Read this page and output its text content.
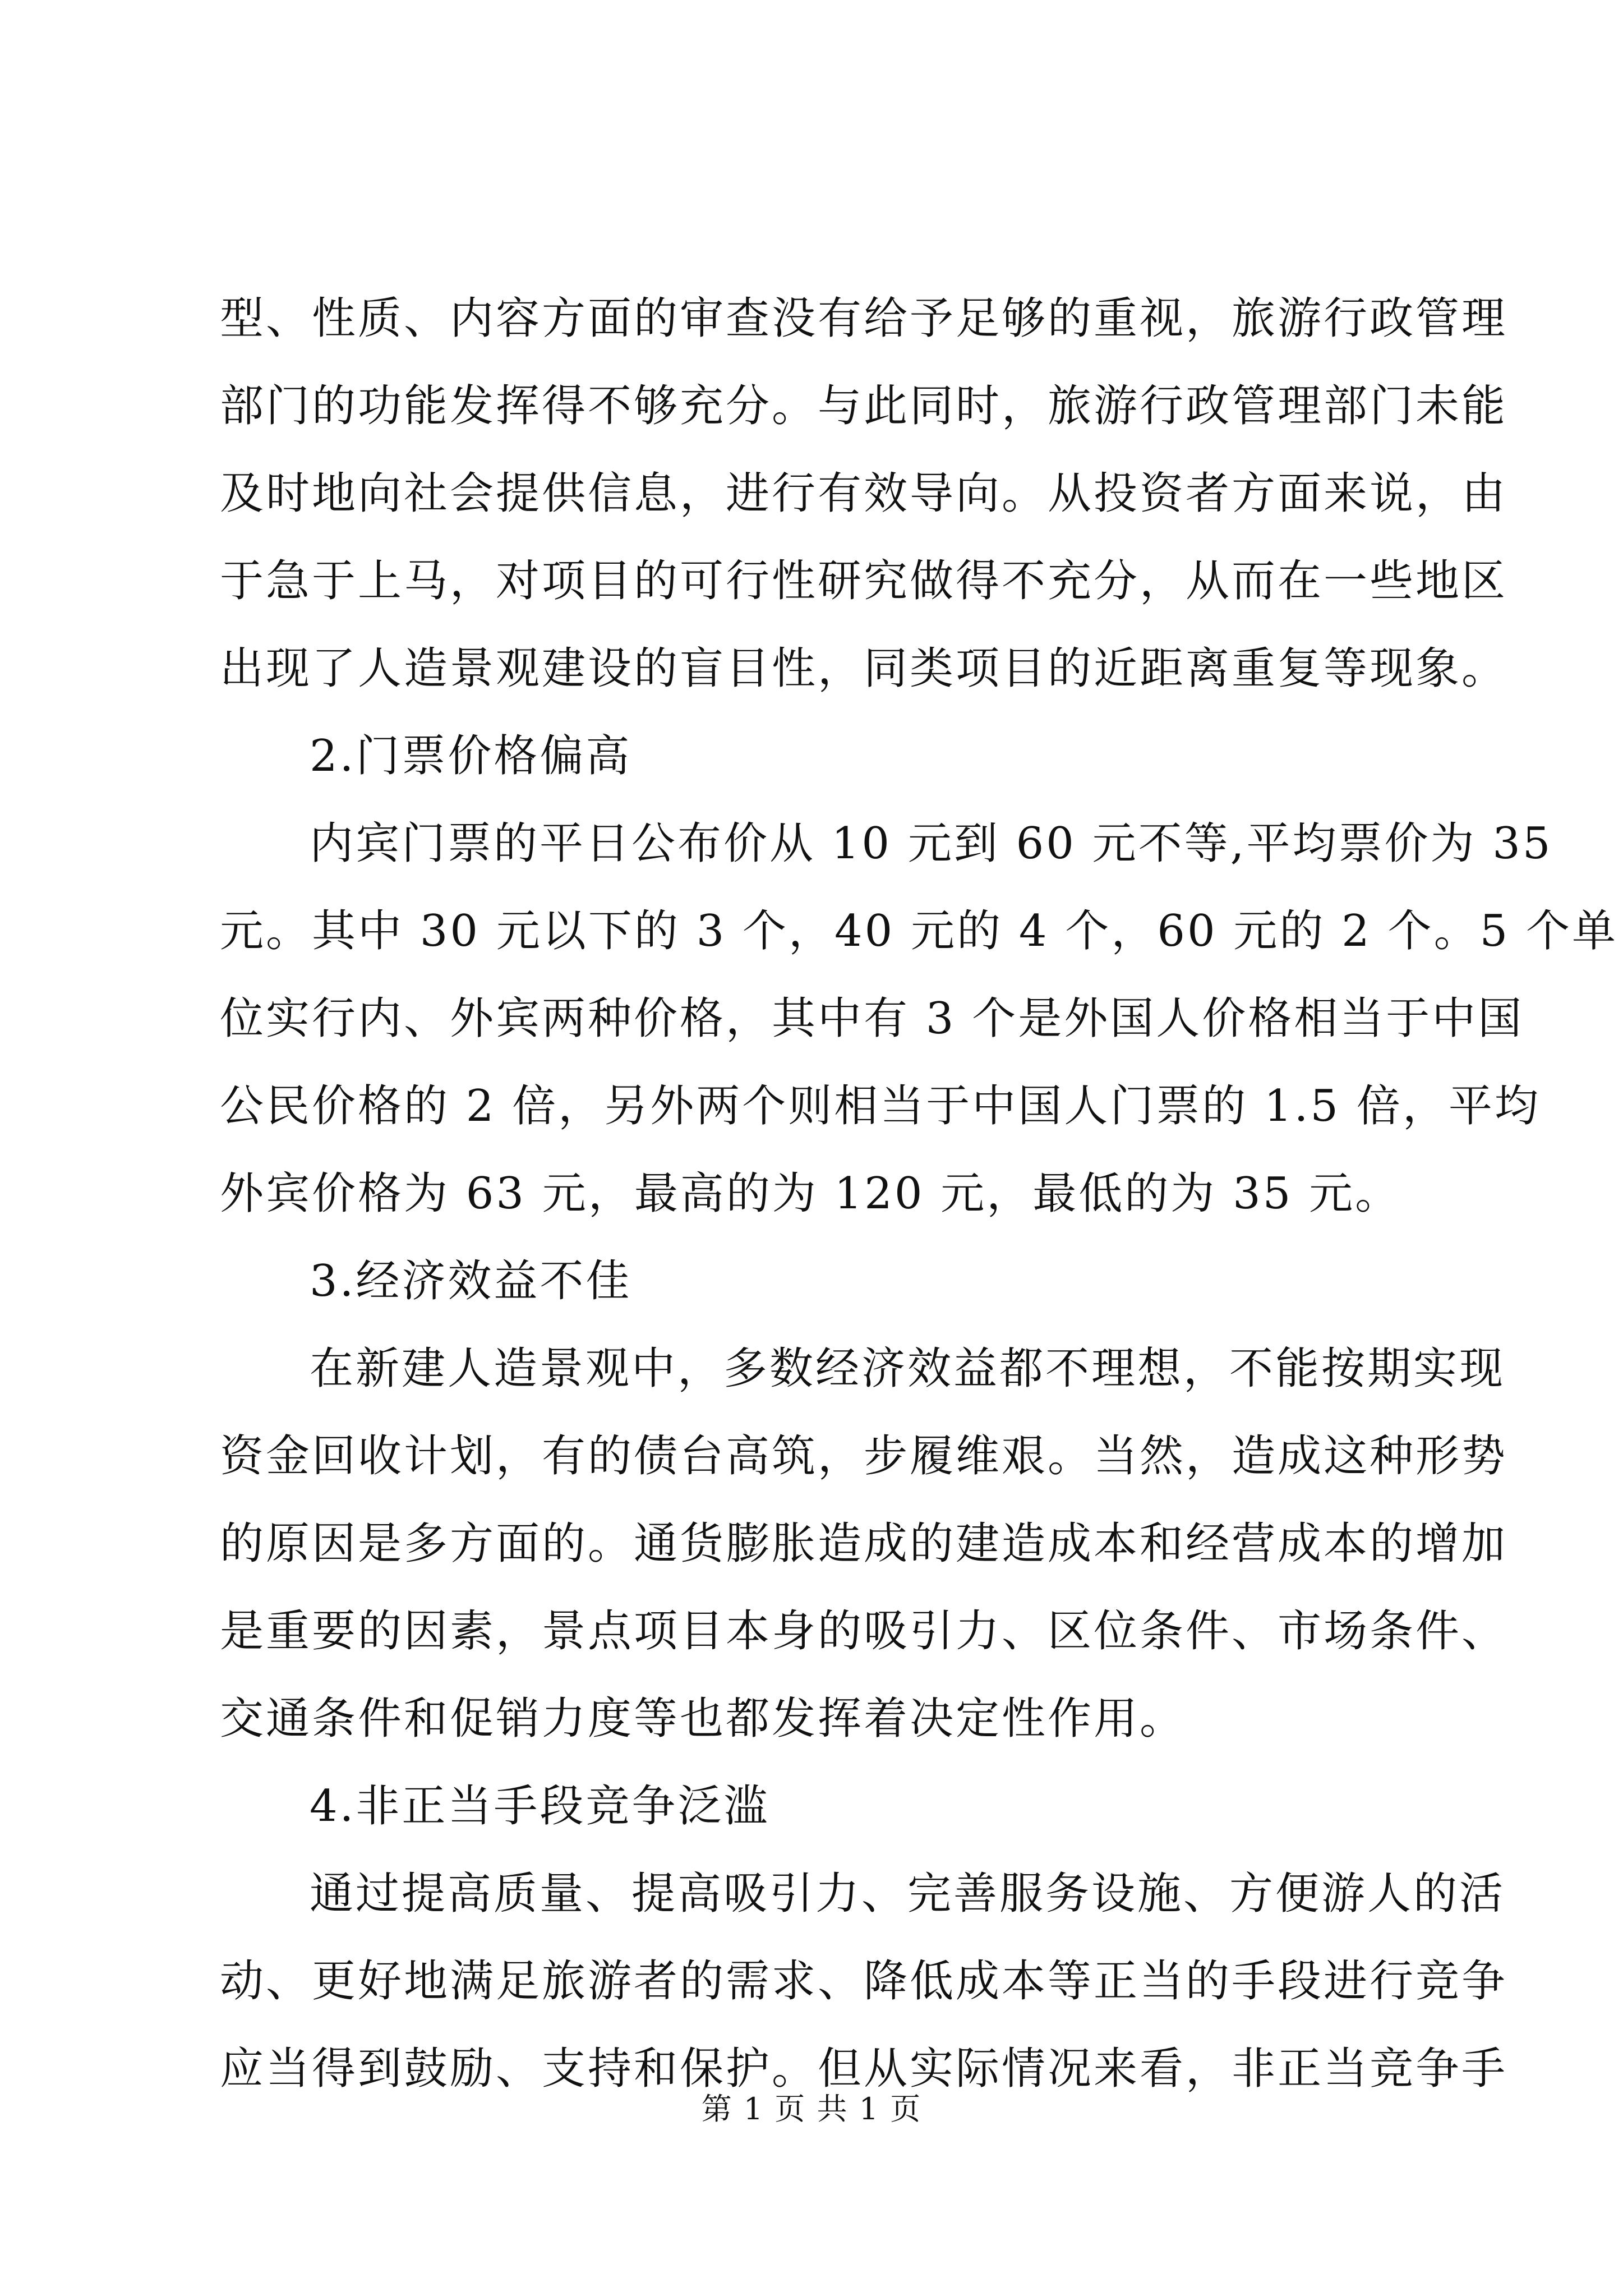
型、性质、内容方面的审查没有给予足够的重视，旅游行政管理
部门的功能发挥得不够充分。与此同时，旅游行政管理部门未能
及时地向社会提供信息，进行有效导向。从投资者方面来说，由
于急于上马，对项目的可行性研究做得不充分，从而在一些地区
出现了人造景观建设的盲目性，同类项目的近距离重复等现象。
2.门票价格偏高
内宾门票的平日公布价从 10 元到 60 元不等,平均票价为 35
元。其中 30 元以下的 3 个，40 元的 4 个，60 元的 2 个。5 个单
位实行内、外宾两种价格，其中有 3 个是外国人价格相当于中国
公民价格的 2 倍，另外两个则相当于中国人门票的 1.5 倍，平均
外宾价格为 63 元，最高的为 120 元，最低的为 35 元。
3.经济效益不佳
在新建人造景观中，多数经济效益都不理想，不能按期实现
资金回收计划，有的债台高筑，步履维艰。当然，造成这种形势
的原因是多方面的。通货膨胀造成的建造成本和经营成本的增加
是重要的因素，景点项目本身的吸引力、区位条件、市场条件、
交通条件和促销力度等也都发挥着决定性作用。
4.非正当手段竞争泛滥
通过提高质量、提高吸引力、完善服务设施、方便游人的活
动、更好地满足旅游者的需求、降低成本等正当的手段进行竞争
应当得到鼓励、支持和保护。但从实际情况来看，非正当竞争手
第 1 页 共 1 页
